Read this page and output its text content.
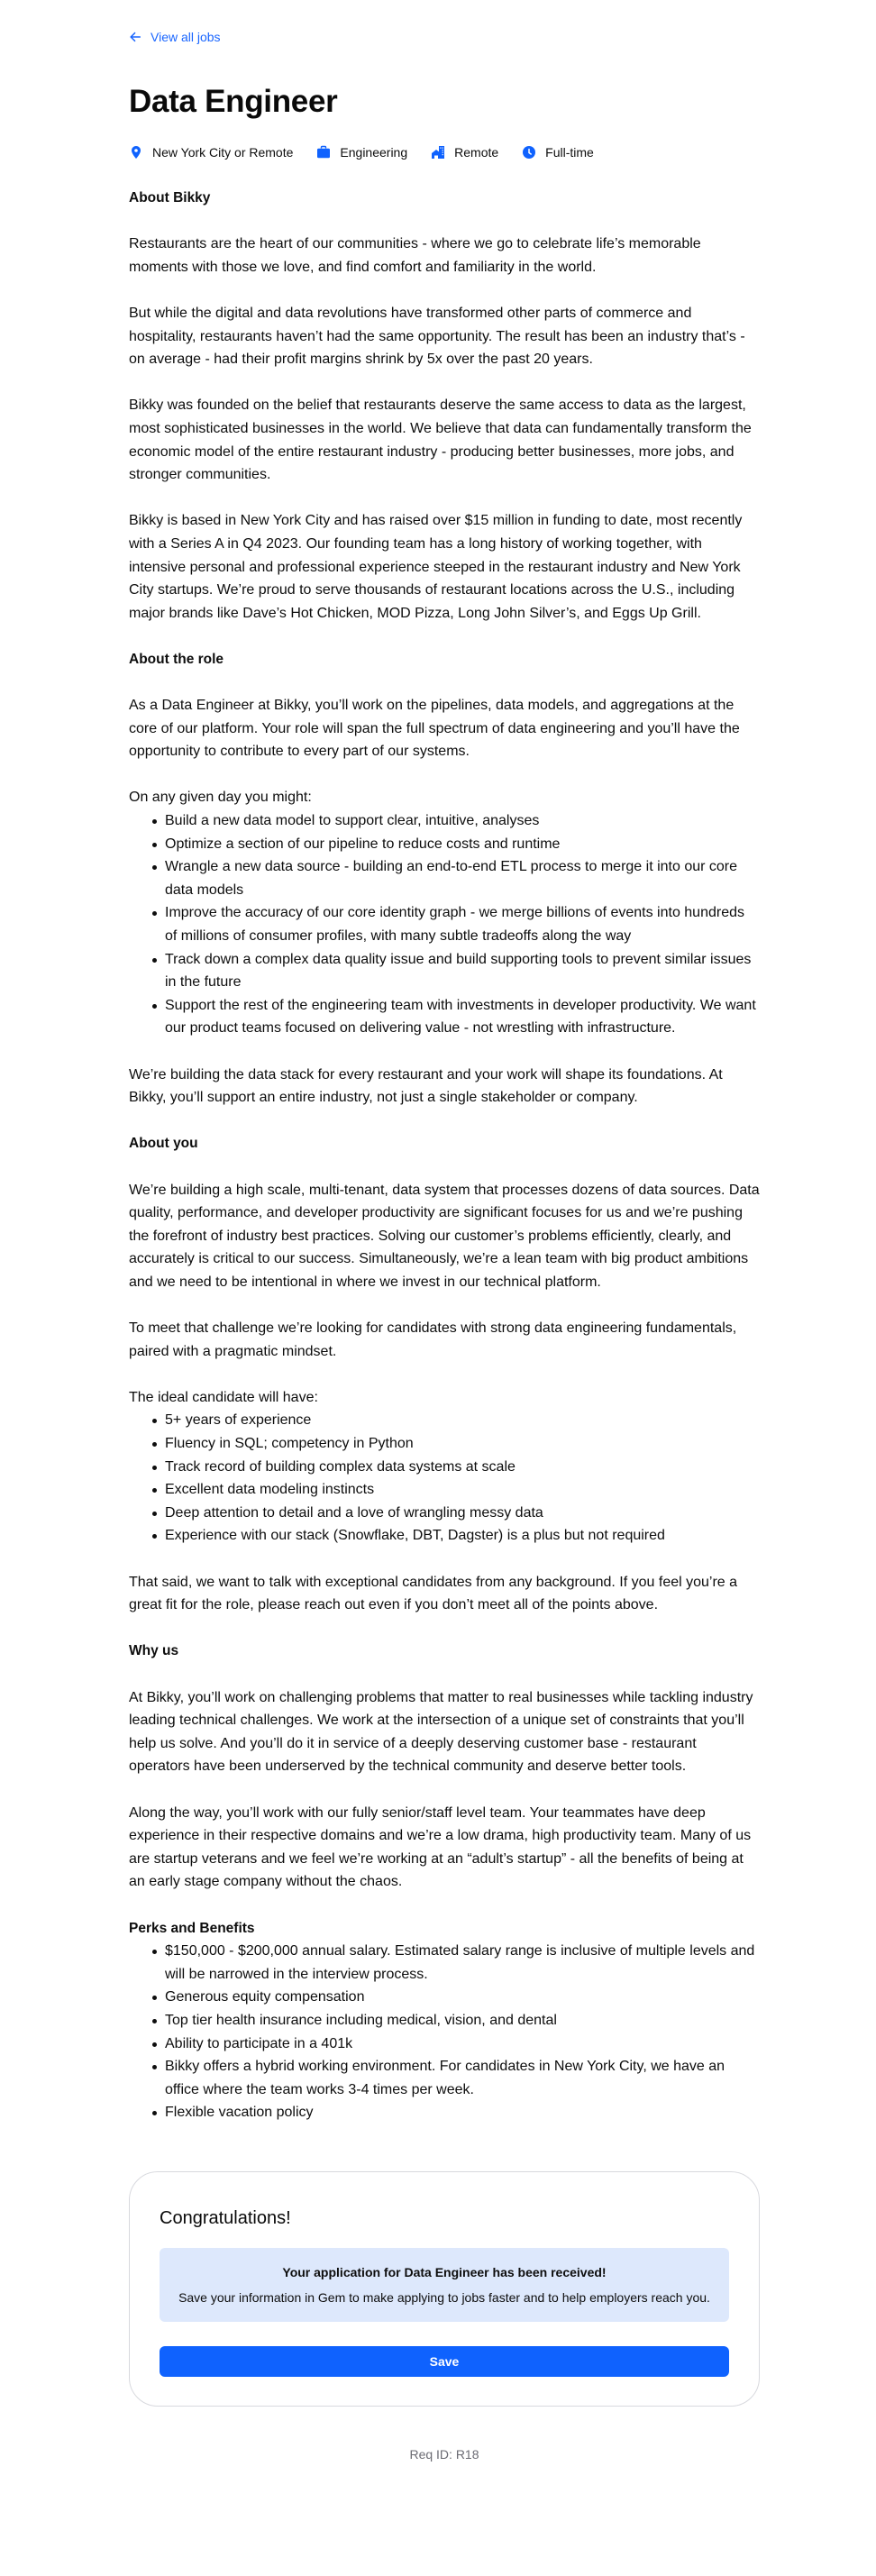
View all jobs
Data Engineer
New York City or Remote	Engineering	Remote	Full-time
About Bikky

Restaurants are the heart of our communities - where we go to celebrate life’s memorable moments with those we love, and find comfort and familiarity in the world.

But while the digital and data revolutions have transformed other parts of commerce and hospitality, restaurants haven’t had the same opportunity. The result has been an industry that’s - on average - had their profit margins shrink by 5x over the past 20 years.

Bikky was founded on the belief that restaurants deserve the same access to data as the largest, most sophisticated businesses in the world. We believe that data can fundamentally transform the economic model of the entire restaurant industry - producing better businesses, more jobs, and stronger communities.

Bikky is based in New York City and has raised over $15 million in funding to date, most recently with a Series A in Q4 2023. Our founding team has a long history of working together, with intensive personal and professional experience steeped in the restaurant industry and New York City startups. We’re proud to serve thousands of restaurant locations across the U.S., including major brands like Dave’s Hot Chicken, MOD Pizza, Long John Silver’s, and Eggs Up Grill.

About the role

As a Data Engineer at Bikky, you’ll work on the pipelines, data models, and aggregations at the core of our platform. Your role will span the full spectrum of data engineering and you’ll have the opportunity to contribute to every part of our systems.

On any given day you might:

Build a new data model to support clear, intuitive, analyses
Optimize a section of our pipeline to reduce costs and runtime
Wrangle a new data source - building an end-to-end ETL process to merge it into our core data models
Improve the accuracy of our core identity graph - we merge billions of events into hundreds of millions of consumer profiles, with many subtle tradeoffs along the way
Track down a complex data quality issue and build supporting tools to prevent similar issues in the future
Support the rest of the engineering team with investments in developer productivity. We want our product teams focused on delivering value - not wrestling with infrastructure.

We’re building the data stack for every restaurant and your work will shape its foundations. At Bikky, you’ll support an entire industry, not just a single stakeholder or company.

About you

We’re building a high scale, multi-tenant, data system that processes dozens of data sources. Data quality, performance, and developer productivity are significant focuses for us and we’re pushing the forefront of industry best practices. Solving our customer’s problems efficiently, clearly, and accurately is critical to our success. Simultaneously, we’re a lean team with big product ambitions and we need to be intentional in where we invest in our technical platform.

To meet that challenge we’re looking for candidates with strong data engineering fundamentals, paired with a pragmatic mindset.

The ideal candidate will have:

5+ years of experience
Fluency in SQL; competency in Python
Track record of building complex data systems at scale
Excellent data modeling instincts
Deep attention to detail and a love of wrangling messy data
Experience with our stack (Snowflake, DBT, Dagster) is a plus but not required

That said, we want to talk with exceptional candidates from any background. If you feel you’re a great fit for the role, please reach out even if you don’t meet all of the points above.

Why us

At Bikky, you’ll work on challenging problems that matter to real businesses while tackling industry leading technical challenges. We work at the intersection of a unique set of constraints that you’ll help us solve. And you’ll do it in service of a deeply deserving customer base - restaurant operators have been underserved by the technical community and deserve better tools.

Along the way, you’ll work with our fully senior/staff level team. Your teammates have deep experience in their respective domains and we’re a low drama, high productivity team. Many of us are startup veterans and we feel we’re working at an “adult’s startup” - all the benefits of being at an early stage company without the chaos.

Perks and Benefits
$150,000 - $200,000 annual salary. Estimated salary range is inclusive of multiple levels and will be narrowed in the interview process.
Generous equity compensation
Top tier health insurance including medical, vision, and dental
Ability to participate in a 401k
Bikky offers a hybrid working environment. For candidates in New York City, we have an office where the team works 3-4 times per week.
Flexible vacation policy
Congratulations!
Your application for Data Engineer has been received!
Save your information in Gem to make applying to jobs faster and to help employers reach you.
Save
Req ID: R18
